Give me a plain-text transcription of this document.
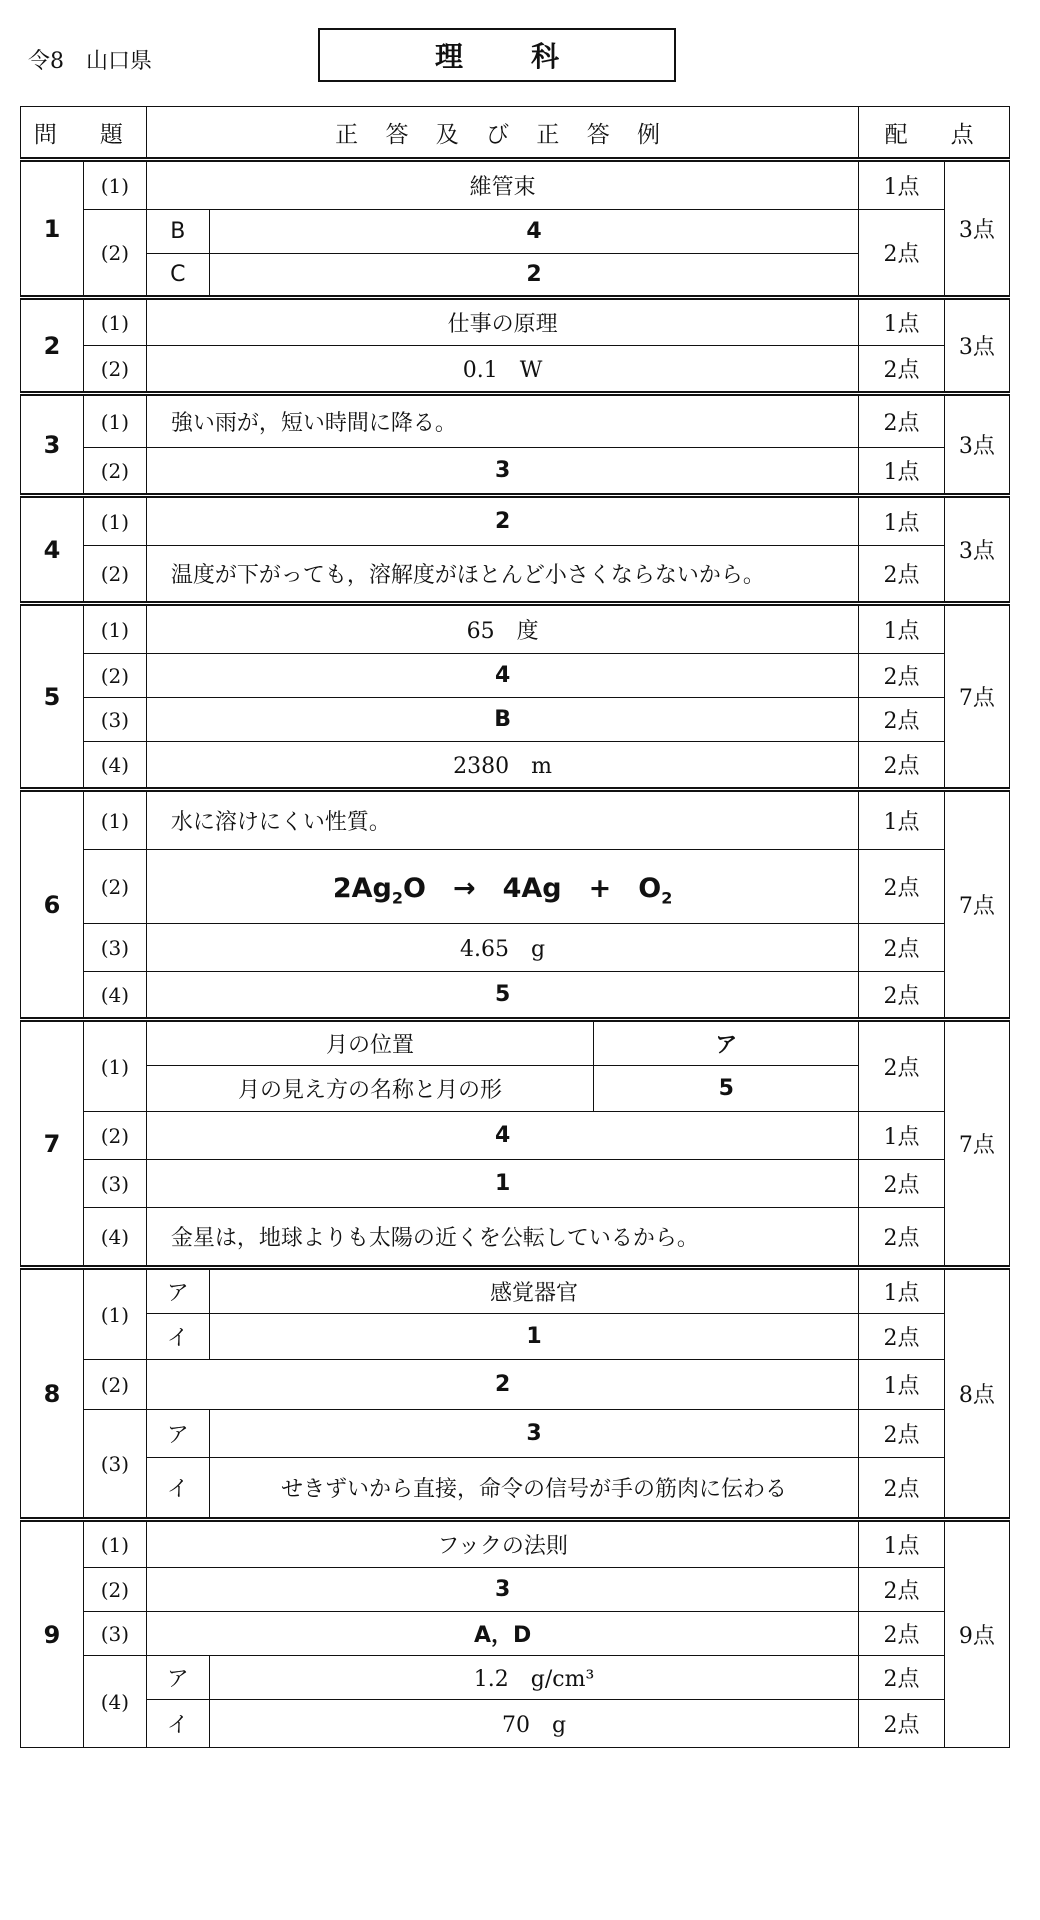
令8　山口県	理 科
問　題		正 答 及 び 正 答 例			配　点	
1	(1)	維管束			1点	3点
	(2)	B	4		2点	
		C	2			
2	(1)	仕事の原理			1点	3点
	(2)	0.1　W			2点	
3	(1)	強い雨が，短い時間に降る。			2点	3点
	(2)	3			1点	
4	(1)	2			1点	3点
	(2)	温度が下がっても，溶解度がほとんど小さくならないから。			2点	
5	(1)	65　度			1点	7点
	(2)	4			2点	
	(3)	B			2点	
	(4)	2380　m			2点	
6	(1)	水に溶けにくい性質。			1点	7点
	(2)	$2Ag_2O$　→　4Ag　+　$O_2$			2点	
	(3)	4.65　g			2点	
	(4)	5			2点	
7	(1)	月の位置		ア	2点	7点
		月の見え方の名称と月の形		5		
	(2)	4			1点	
	(3)	1			2点	
	(4)	金星は，地球よりも太陽の近くを公転しているから。			2点	
8	(1)	ア	感覚器官		1点	8点
		イ	1		2点	
	(2)	2			1点	
	(3)	ア	3		2点	
		イ	せきずいから直接，命令の信号が手の筋肉に伝わる		2点	
9	(1)	フックの法則			1点	9点
	(2)	3			2点	
	(3)	A，D			2点	
	(4)	ア	1.2　g/cm³		2点	
		イ	70　g		2点	
